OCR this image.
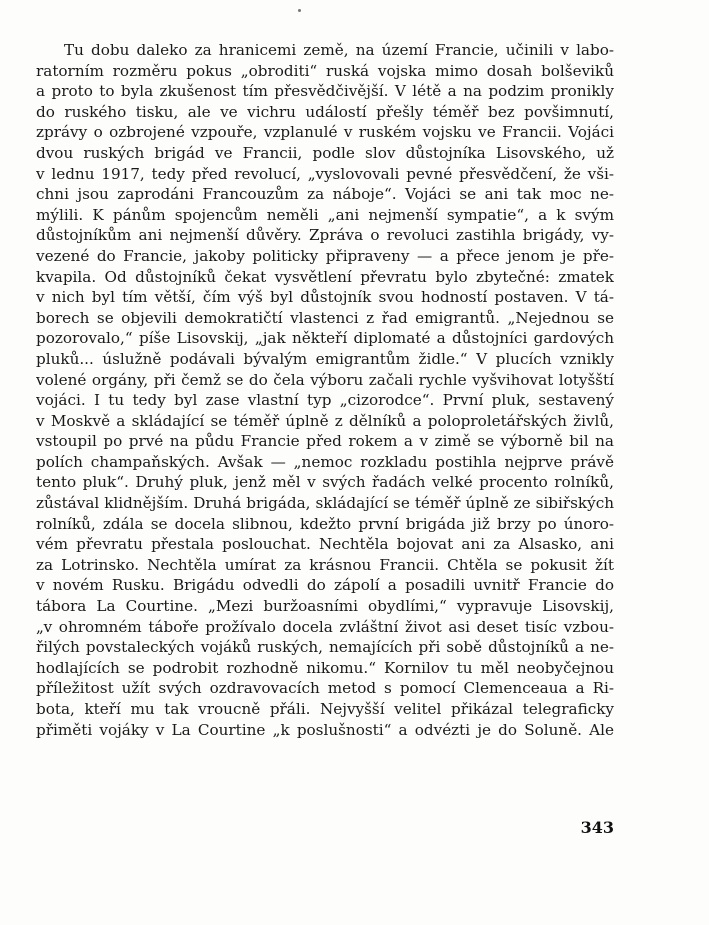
Tu dobu daleko za hranicemi země, na území Francie, učinili v labo-
ratorním rozměru pokus „obroditi“ ruská vojska mimo dosah bolševiků
a proto to byla zkušenost tím přesvědčivější. V létě a na podzim pronikly
do ruského tisku, ale ve vichru událostí přešly téměř bez povšimnutí,
zprávy o ozbrojené vzpouře, vzplanulé v ruském vojsku ve Francii. Vojáci
dvou ruských brigád ve Francii, podle slov důstojníka Lisovského, už
v lednu 1917, tedy před revolucí, „vyslovovali pevné přesvědčení, že vši-
chni jsou zaprodáni Francouzům za náboje“. Vojáci se ani tak moc ne-
mýlili. K pánům spojencům neměli „ani nejmenší sympatie“, a k svým
důstojníkům ani nejmenší důvěry. Zpráva o revoluci zastihla brigády, vy-
vezené do Francie, jakoby politicky připraveny — a přece jenom je pře-
kvapila. Od důstojníků čekat vysvětlení převratu bylo zbytečné: zmatek
v nich byl tím větší, čím výš byl důstojník svou hodností postaven. V tá-
borech se objevili demokratičtí vlastenci z řad emigrantů. „Nejednou se
pozorovalo,“ píše Lisovskij, „jak někteří diplomaté a důstojníci gardových
pluků... úslužně podávali bývalým emigrantům židle.“ V plucích vznikly
volené orgány, při čemž se do čela výboru začali rychle vyšvihovat lotyšští
vojáci. I tu tedy byl zase vlastní typ „cizorodce“. První pluk, sestavený
v Moskvě a skládající se téměř úplně z dělníků a poloproletářských živlů,
vstoupil po prvé na půdu Francie před rokem a v zimě se výborně bil na
polích champaňských. Avšak — „nemoc rozkladu postihla nejprve právě
tento pluk“. Druhý pluk, jenž měl v svých řadách velké procento rolníků,
zůstával klidnějším. Druhá brigáda, skládající se téměř úplně ze sibiřských
rolníků, zdála se docela slibnou, kdežto první brigáda již brzy po únoro-
vém převratu přestala poslouchat. Nechtěla bojovat ani za Alsasko, ani
za Lotrinsko. Nechtěla umírat za krásnou Francii. Chtěla se pokusit žít
v novém Rusku. Brigádu odvedli do zápolí a posadili uvnitř Francie do
tábora La Courtine. „Mezi buržoasními obydlími,“ vypravuje Lisovskij,
„v ohromném táboře prožívalo docela zvláštní život asi deset tisíc vzbou-
řilých povstaleckých vojáků ruských, nemajících při sobě důstojníků a ne-
hodlajících se podrobit rozhodně nikomu.“ Kornilov tu měl neobyčejnou
příležitost užít svých ozdravovacích metod s pomocí Clemenceaua a Ri-
bota, kteří mu tak vroucně přáli. Nejvyšší velitel přikázal telegraficky
přiměti vojáky v La Courtine „k poslušnosti“ a odvézti je do Soluně. Ale
343
